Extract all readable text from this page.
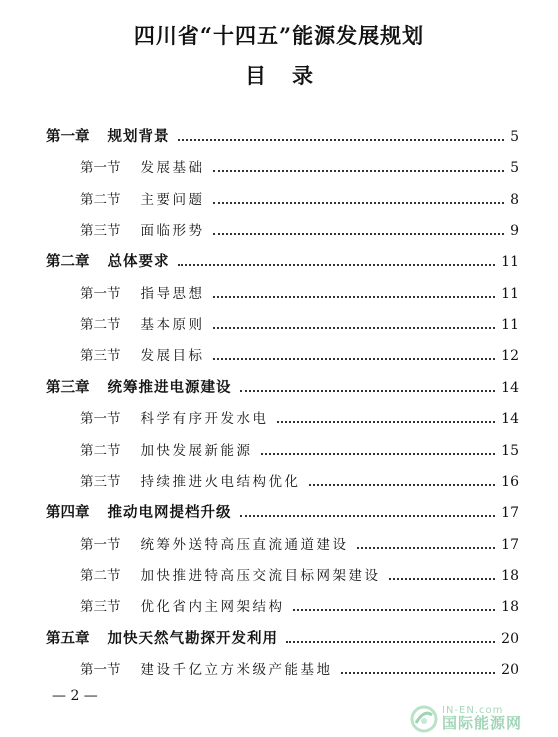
四川省“十四五”能源发展规划
目录
第一章 规划背景	5
第一节 发展基础	5
第二节 主要问题	8
第三节 面临形势	9
第二章 总体要求	11
第一节 指导思想	11
第二节 基本原则	11
第三节 发展目标	12
第三章 统筹推进电源建设	14
第一节 科学有序开发水电	14
第二节 加快发展新能源	15
第三节 持续推进火电结构优化	16
第四章 推动电网提档升级	17
第一节 统筹外送特高压直流通道建设	17
第二节 加快推进特高压交流目标网架建设	18
第三节 优化省内主网架结构	18
第五章 加快天然气勘探开发利用	20
第一节 建设千亿立方米级产能基地	20
— 2 —
IN-EN.com
国际能源网
